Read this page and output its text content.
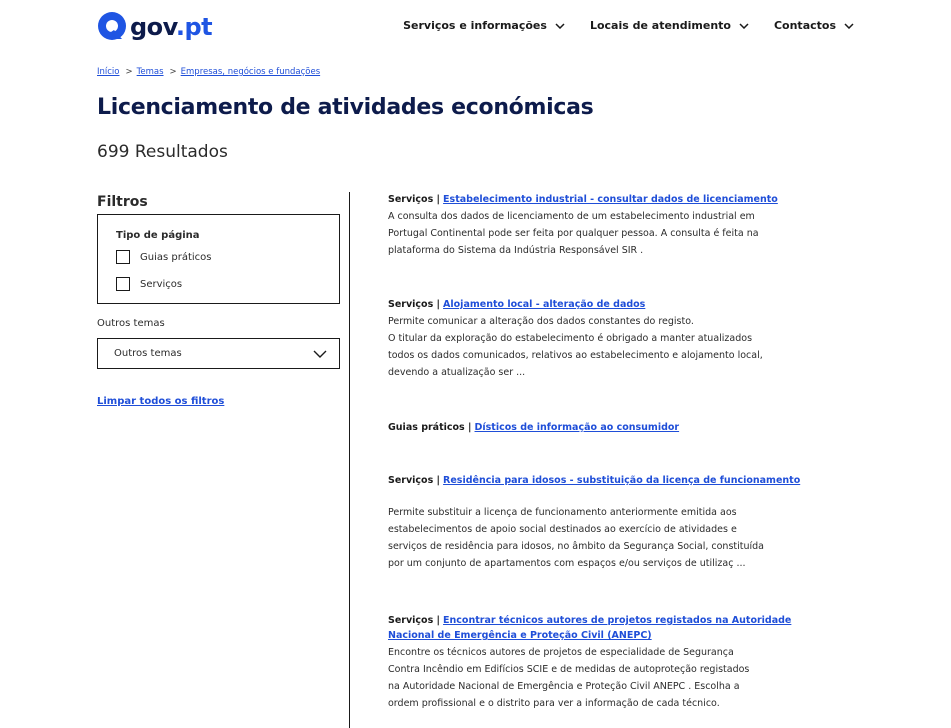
gov.pt	Serviços e informações	Locais de atendimento	Contactos
Início > Temas > Empresas, negócios e fundações
Licenciamento de atividades económicas
699 Resultados
Filtros
Tipo de página
Guias práticos
Serviços
Outros temas
Outros temas
Limpar todos os filtros
Serviços | Estabelecimento industrial - consultar dados de licenciamento
A consulta dos dados de licenciamento de um estabelecimento industrial em
Portugal Continental pode ser feita por qualquer pessoa. A consulta é feita na
plataforma do Sistema da Indústria Responsável SIR .
Serviços | Alojamento local - alteração de dados
Permite comunicar a alteração dos dados constantes do registo.
O titular da exploração do estabelecimento é obrigado a manter atualizados
todos os dados comunicados, relativos ao estabelecimento e alojamento local,
devendo a atualização ser ...
Guias práticos | Dísticos de informação ao consumidor
Serviços | Residência para idosos - substituição da licença de funcionamento
Permite substituir a licença de funcionamento anteriormente emitida aos
estabelecimentos de apoio social destinados ao exercício de atividades e
serviços de residência para idosos, no âmbito da Segurança Social, constituída
por um conjunto de apartamentos com espaços e/ou serviços de utilizaç ...
Serviços | Encontrar técnicos autores de projetos registados na Autoridade Nacional de Emergência e Proteção Civil (ANEPC)
Encontre os técnicos autores de projetos de especialidade de Segurança
Contra Incêndio em Edifícios SCIE e de medidas de autoproteção registados
na Autoridade Nacional de Emergência e Proteção Civil ANEPC . Escolha a
ordem profissional e o distrito para ver a informação de cada técnico.
